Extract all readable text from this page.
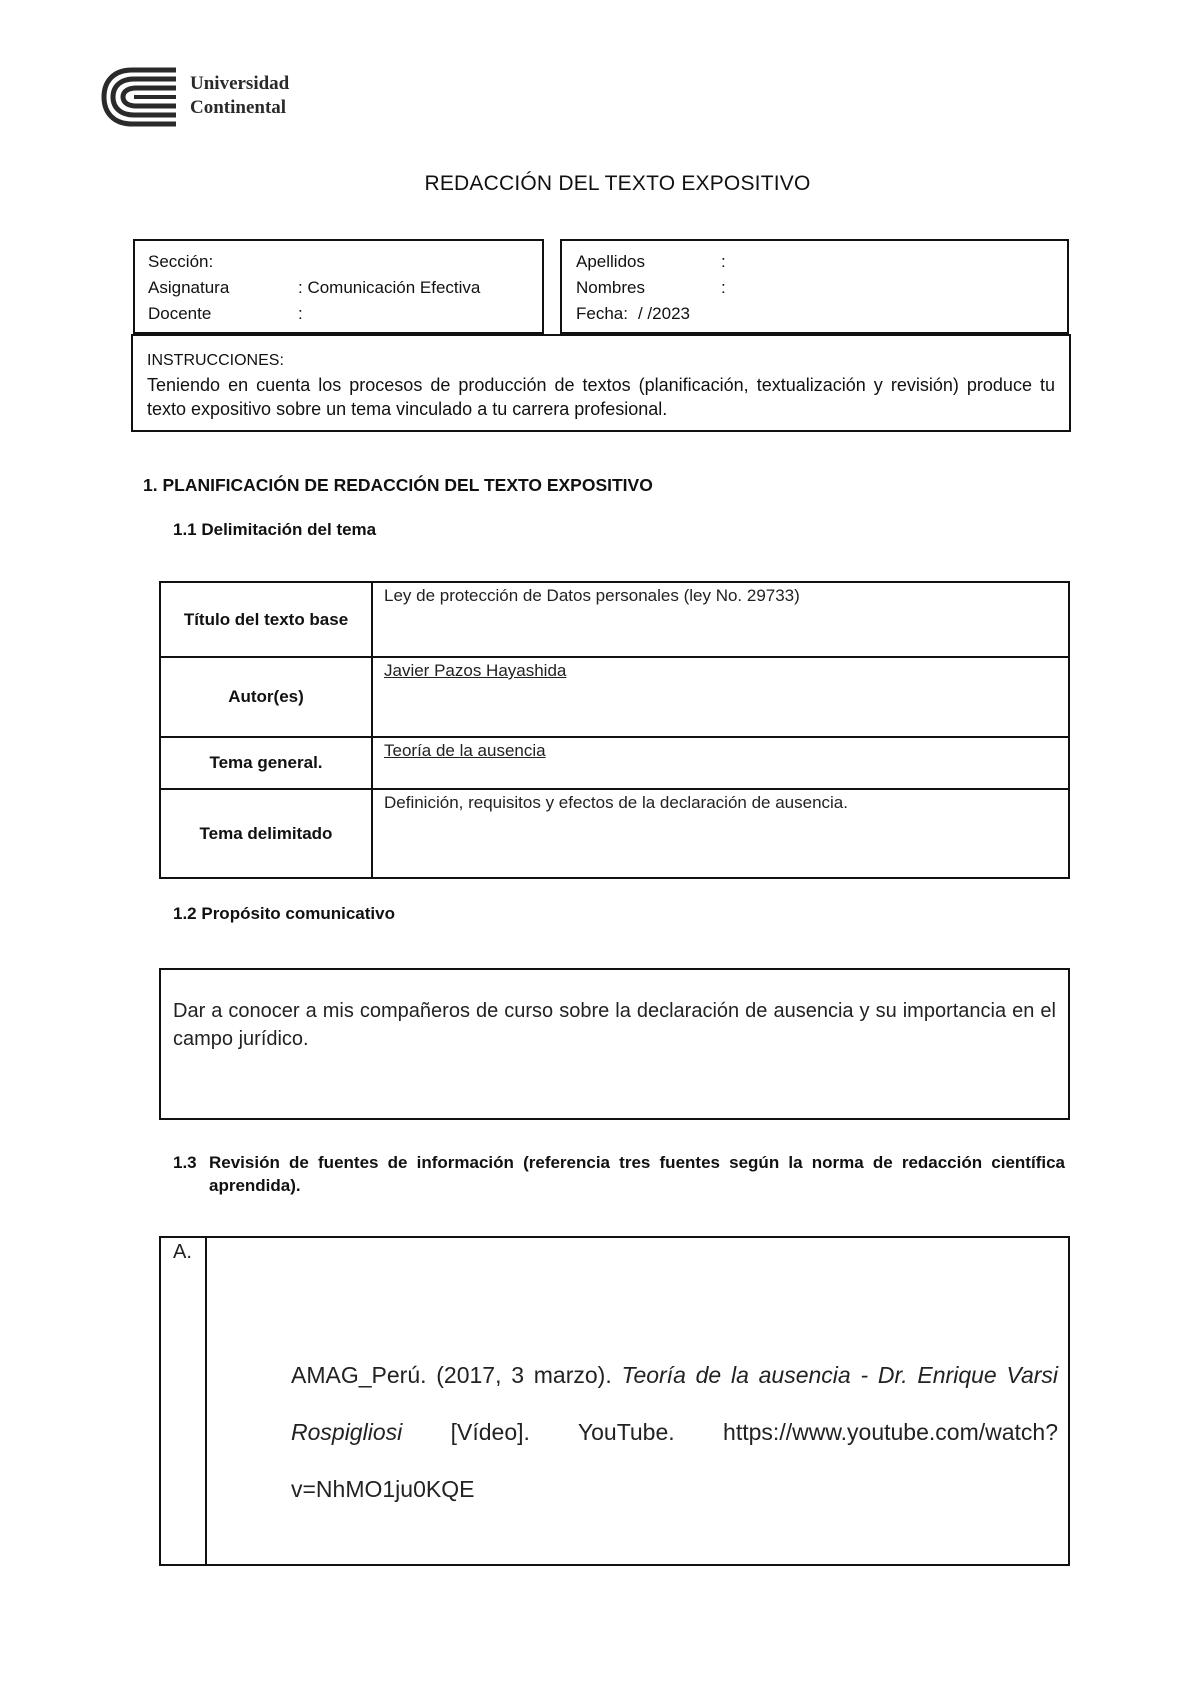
Universidad
Continental
REDACCIÓN DEL TEXTO EXPOSITIVO
Sección:
Asignatura	: Comunicación Efectiva
Docente	:
Apellidos	:
Nombres	:
Fecha: / /2023
INSTRUCCIONES:
Teniendo en cuenta los procesos de producción de textos (planificación, textualización y revisión) produce tu texto expositivo sobre un tema vinculado a tu carrera profesional.
1. PLANIFICACIÓN DE REDACCIÓN DEL TEXTO EXPOSITIVO
1.1 Delimitación del tema
Título del texto base	Ley de protección de Datos personales (ley No. 29733)
Autor(es)	Javier Pazos Hayashida
Tema general.	Teoría de la ausencia
Tema delimitado	Definición, requisitos y efectos de la declaración de ausencia.
1.2 Propósito comunicativo
Dar a conocer a mis compañeros de curso sobre la declaración de ausencia y su importancia en el campo jurídico.
1.3 Revisión de fuentes de información (referencia tres fuentes según la norma de redacción científica aprendida).
A.
AMAG_Perú. (2017, 3 marzo). Teoría de la ausencia - Dr. Enrique Varsi Rospigliosi [Vídeo]. YouTube. https://www.youtube.com/watch?v=NhMO1ju0KQE
